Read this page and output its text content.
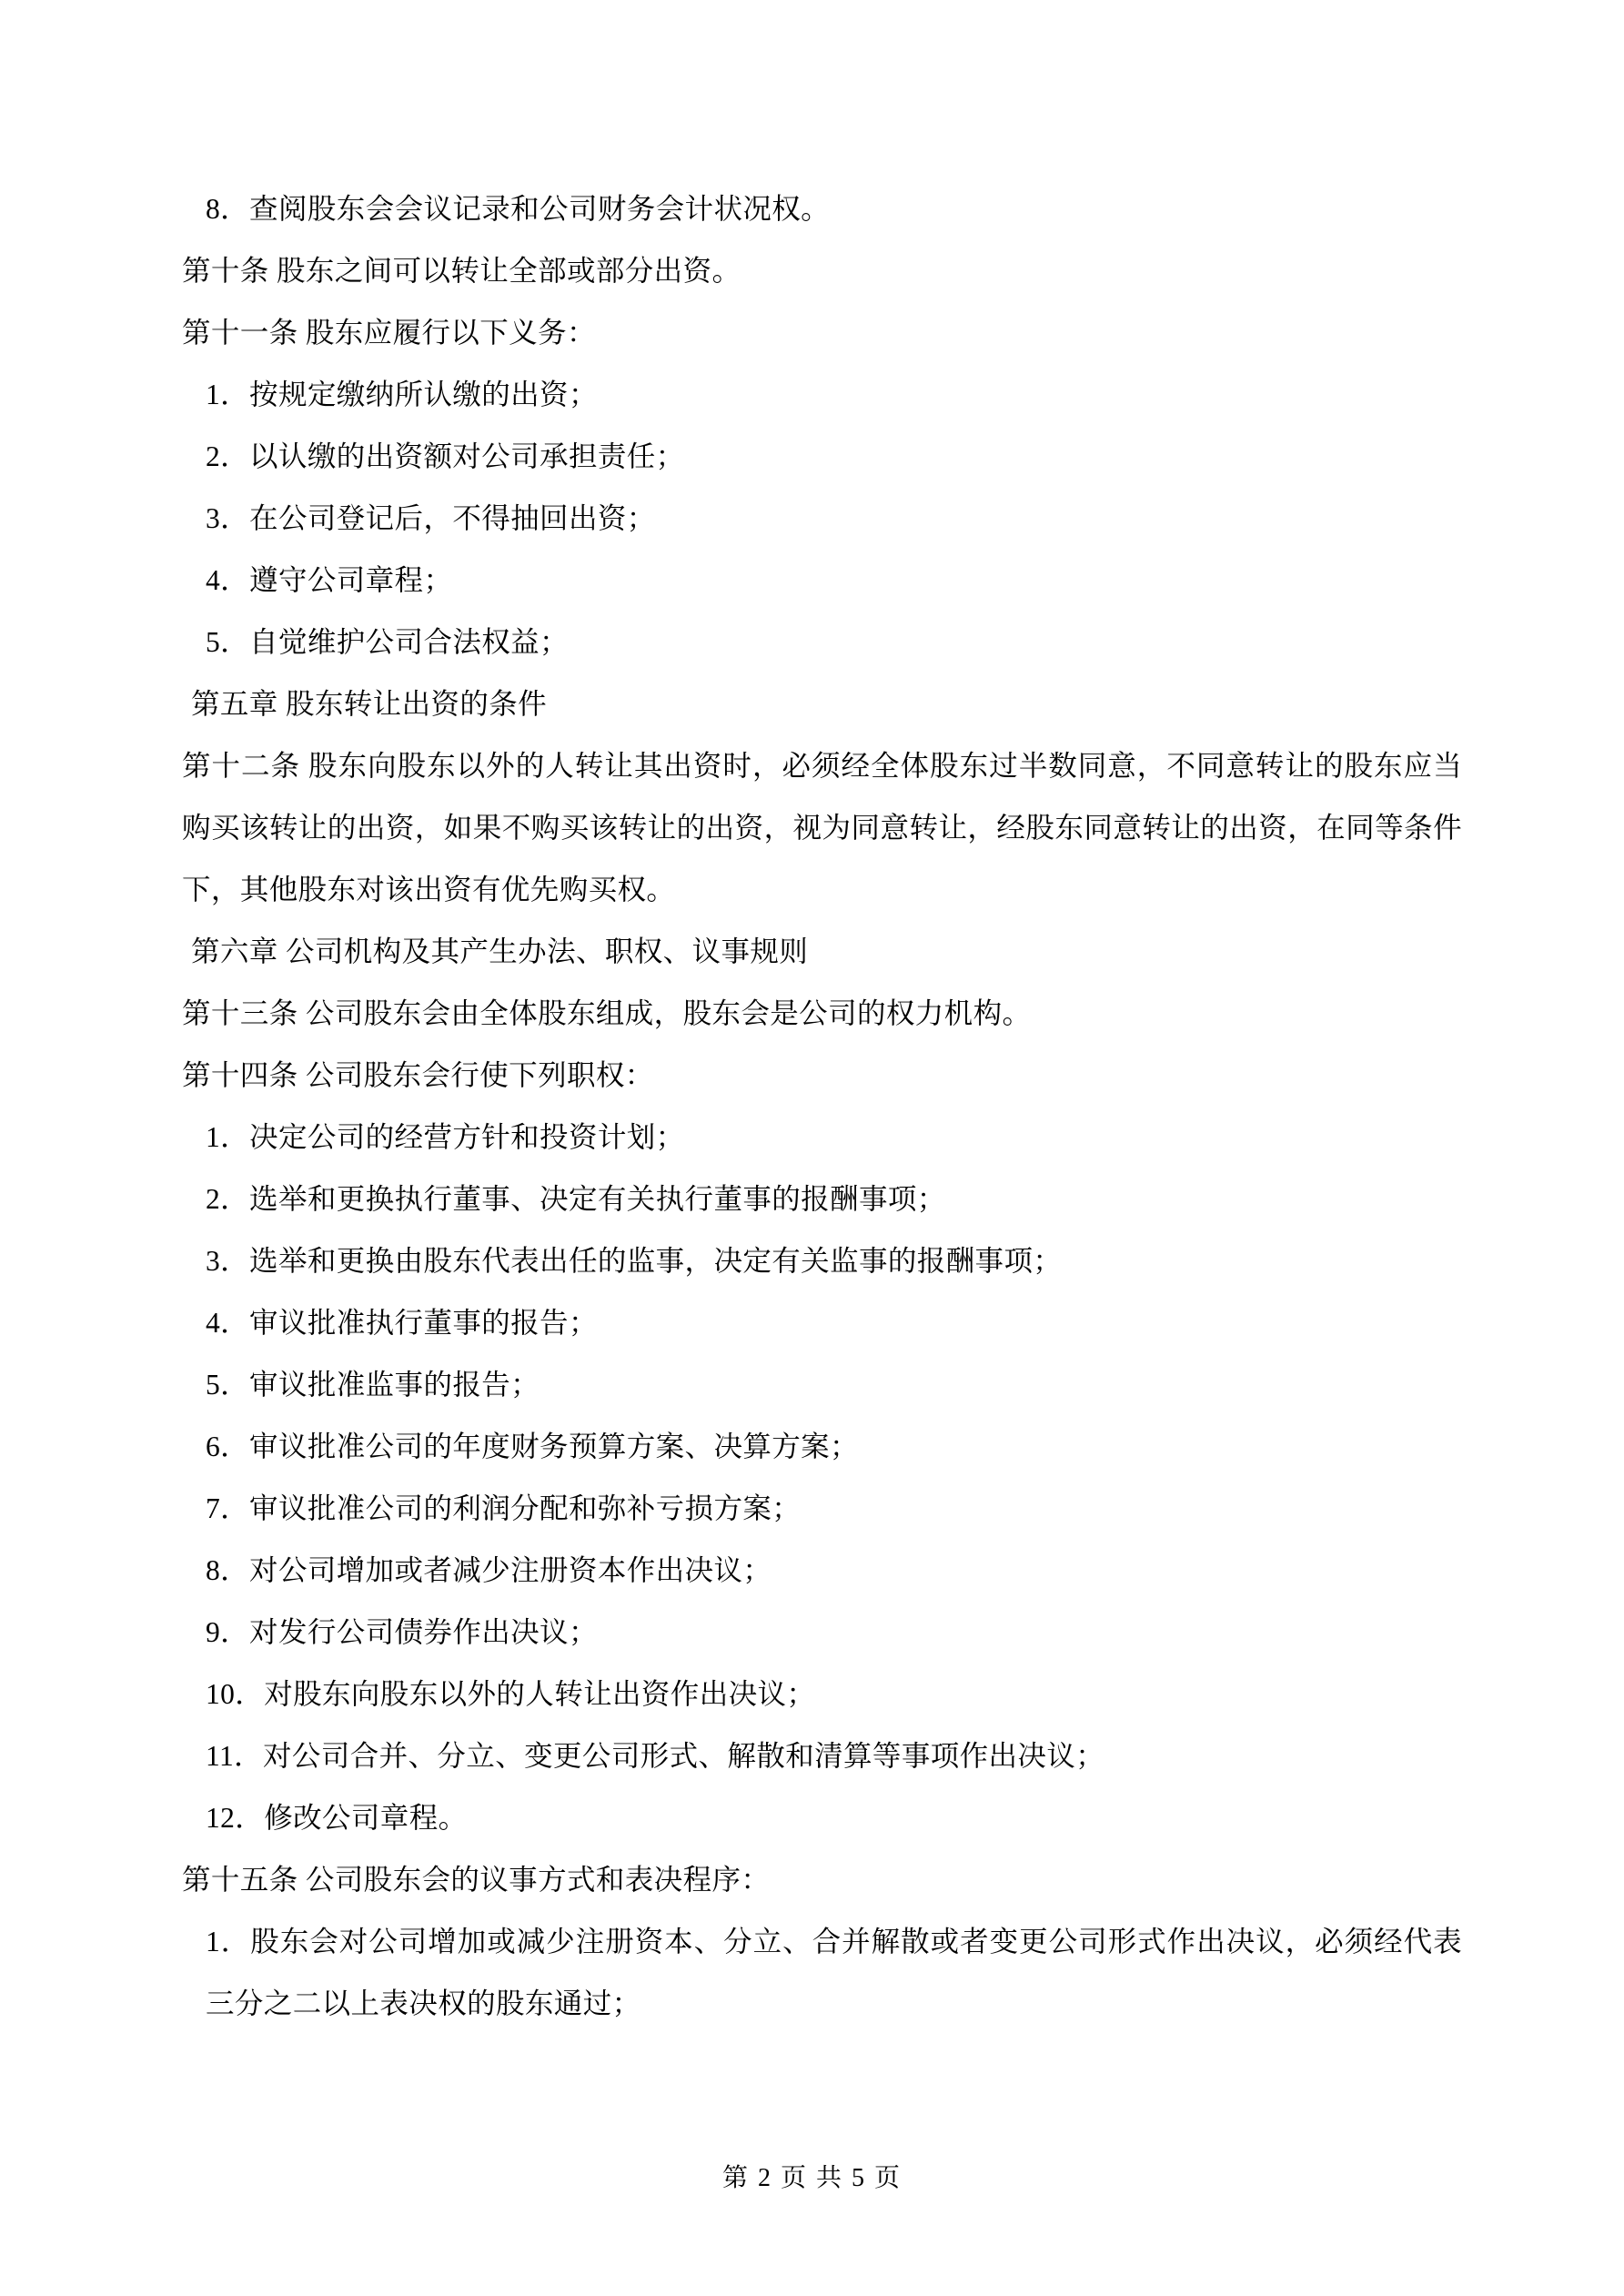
8．查阅股东会会议记录和公司财务会计状况权。

第十条 股东之间可以转让全部或部分出资。

第十一条 股东应履行以下义务：

1．按规定缴纳所认缴的出资；

2．以认缴的出资额对公司承担责任；

3．在公司登记后，不得抽回出资；

4．遵守公司章程；

5．自觉维护公司合法权益；

第五章 股东转让出资的条件

第十二条 股东向股东以外的人转让其出资时，必须经全体股东过半数同意，不同意转让的股东应当购买该转让的出资，如果不购买该转让的出资，视为同意转让，经股东同意转让的出资，在同等条件下，其他股东对该出资有优先购买权。

第六章 公司机构及其产生办法、职权、议事规则

第十三条 公司股东会由全体股东组成，股东会是公司的权力机构。

第十四条 公司股东会行使下列职权：

1．决定公司的经营方针和投资计划；

2．选举和更换执行董事、决定有关执行董事的报酬事项；

3．选举和更换由股东代表出任的监事，决定有关监事的报酬事项；

4．审议批准执行董事的报告；

5．审议批准监事的报告；

6．审议批准公司的年度财务预算方案、决算方案；

7．审议批准公司的利润分配和弥补亏损方案；

8．对公司增加或者减少注册资本作出决议；

9．对发行公司债券作出决议；

10．对股东向股东以外的人转让出资作出决议；

11．对公司合并、分立、变更公司形式、解散和清算等事项作出决议；

12．修改公司章程。

第十五条 公司股东会的议事方式和表决程序：

1．股东会对公司增加或减少注册资本、分立、合并解散或者变更公司形式作出决议，必须经代表三分之二以上表决权的股东通过；

第 2 页 共 5 页
